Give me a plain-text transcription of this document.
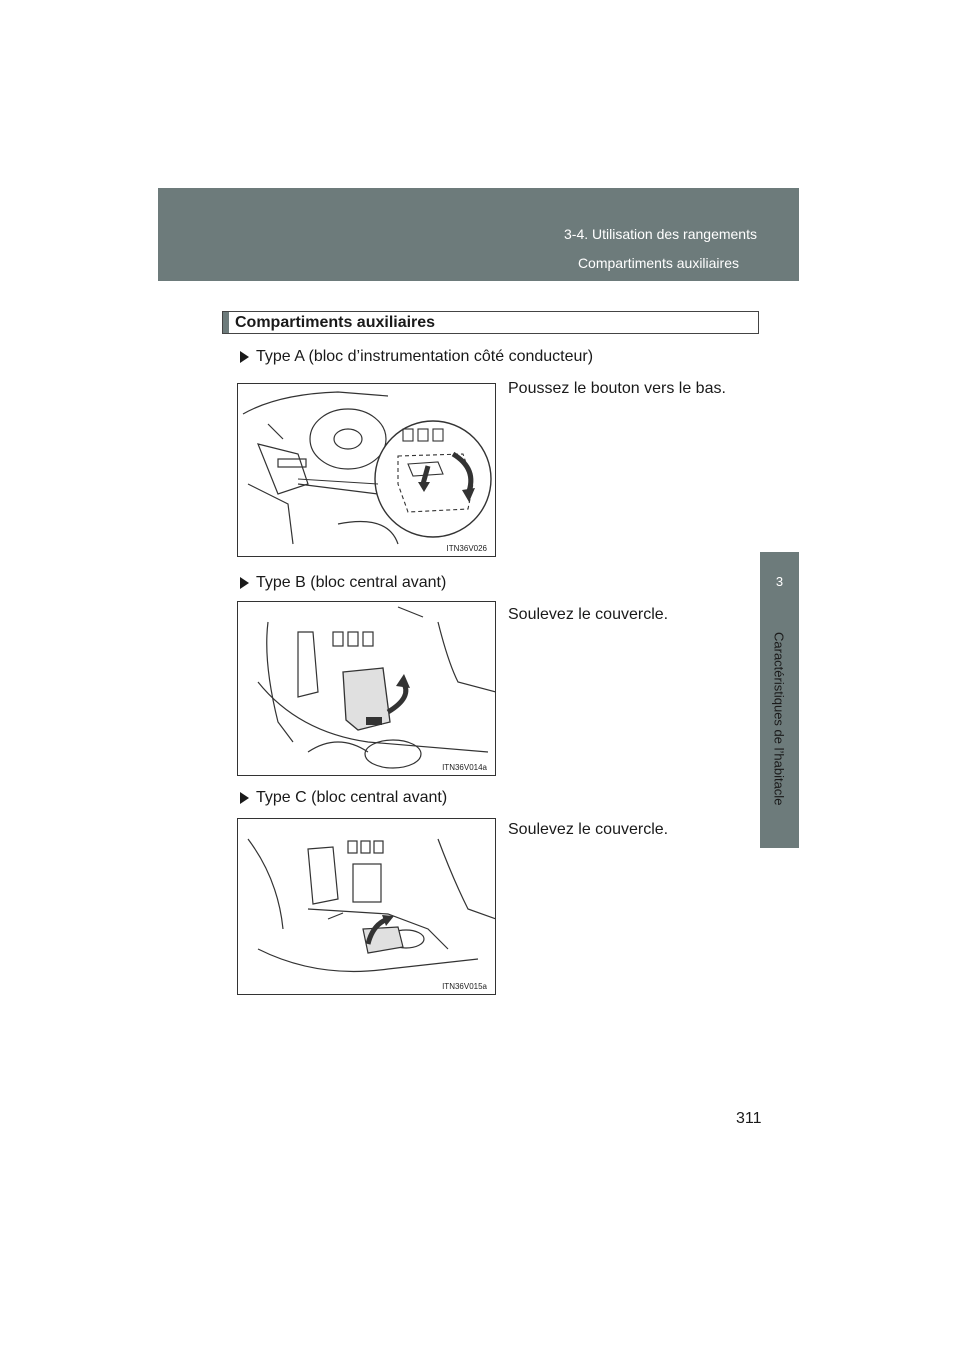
3-4. Utilisation des rangements
Compartiments auxiliaires
3
Caractéristiques de l’habitacle
Compartiments auxiliaires
Type A (bloc d’instrumentation côté conducteur)
Poussez le bouton vers le bas.
ITN36V026
Type B (bloc central avant)
Soulevez le couvercle.
ITN36V014a
Type C (bloc central avant)
Soulevez le couvercle.
ITN36V015a
311
